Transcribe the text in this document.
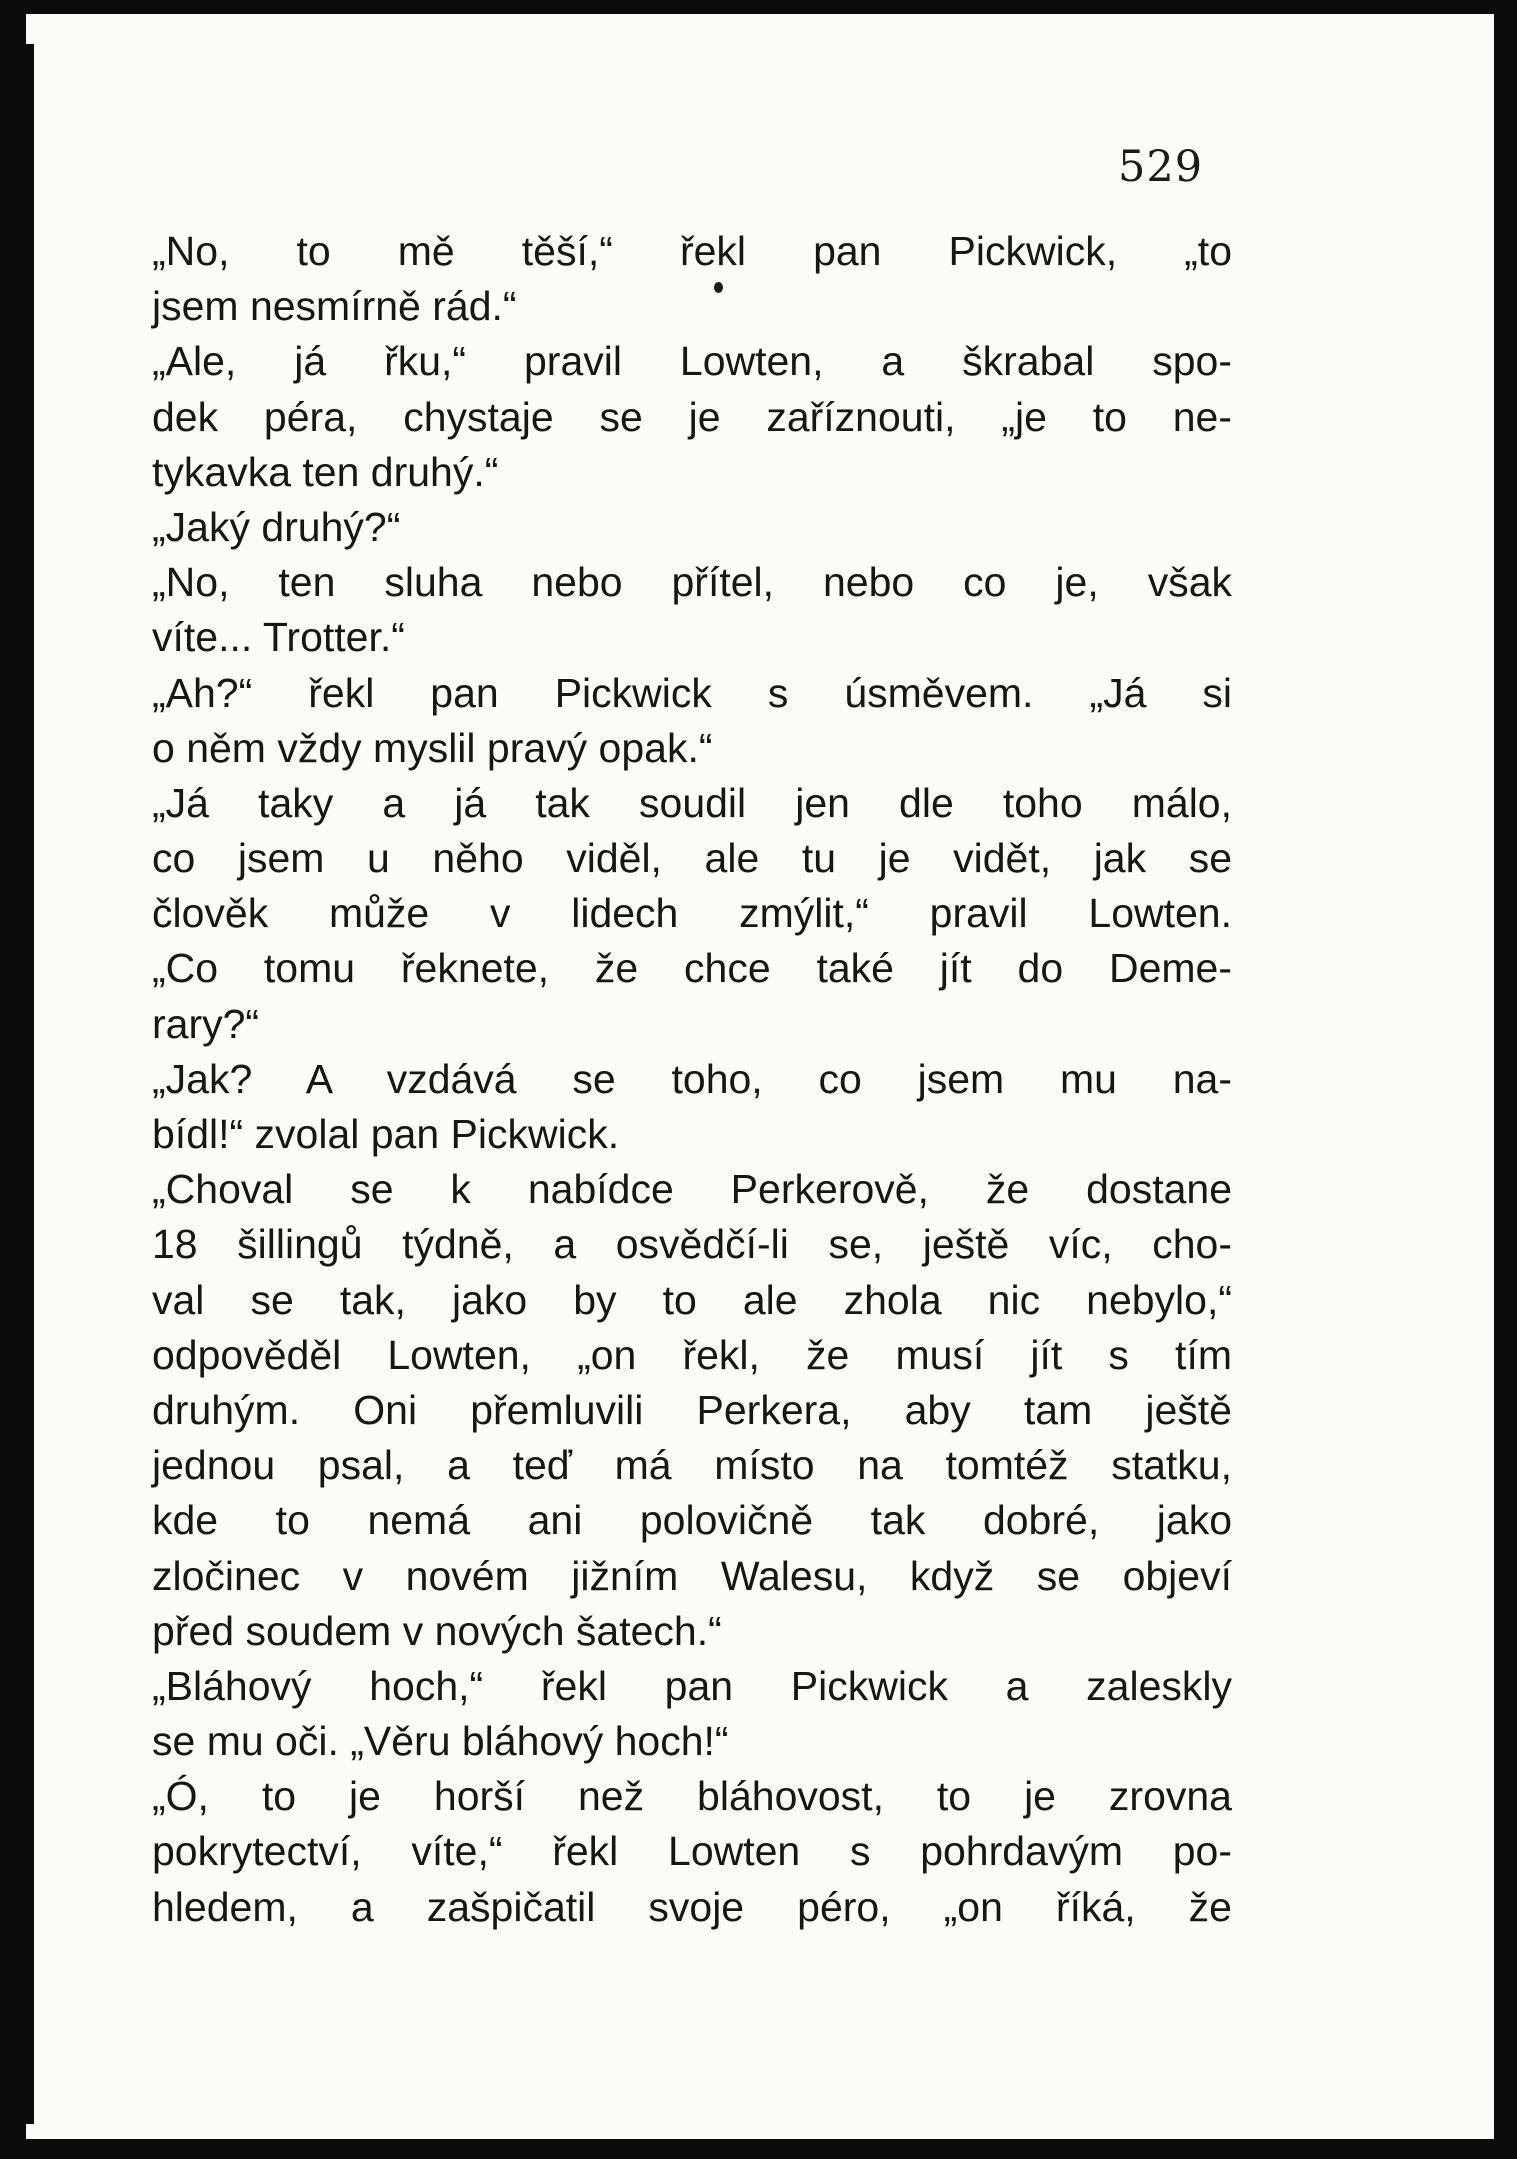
529
„No, to mě těší,“ řekl pan Pickwick, „to
jsem nesmírně rád.“
„Ale, já řku,“ pravil Lowten, a škrabal spo-
dek péra, chystaje se je zaříznouti, „je to ne-
tykavka ten druhý.“
„Jaký druhý?“
„No, ten sluha nebo přítel, nebo co je, však
víte... Trotter.“
„Ah?“ řekl pan Pickwick s úsměvem. „Já si
o něm vždy myslil pravý opak.“
„Já taky a já tak soudil jen dle toho málo,
co jsem u něho viděl, ale tu je vidět, jak se
člověk může v lidech zmýlit,“ pravil Lowten.
„Co tomu řeknete, že chce také jít do Deme-
rary?“
„Jak? A vzdává se toho, co jsem mu na-
bídl!“ zvolal pan Pickwick.
„Choval se k nabídce Perkerově, že dostane
18 šillingů týdně, a osvědčí-li se, ještě víc, cho-
val se tak, jako by to ale zhola nic nebylo,“
odpověděl Lowten, „on řekl, že musí jít s tím
druhým. Oni přemluvili Perkera, aby tam ještě
jednou psal, a teď má místo na tomtéž statku,
kde to nemá ani polovičně tak dobré, jako
zločinec v novém jižním Walesu, když se objeví
před soudem v nových šatech.“
„Bláhový hoch,“ řekl pan Pickwick a zaleskly
se mu oči. „Věru bláhový hoch!“
„Ó, to je horší než bláhovost, to je zrovna
pokrytectví, víte,“ řekl Lowten s pohrdavým po-
hledem, a zašpičatil svoje péro, „on říká, že
